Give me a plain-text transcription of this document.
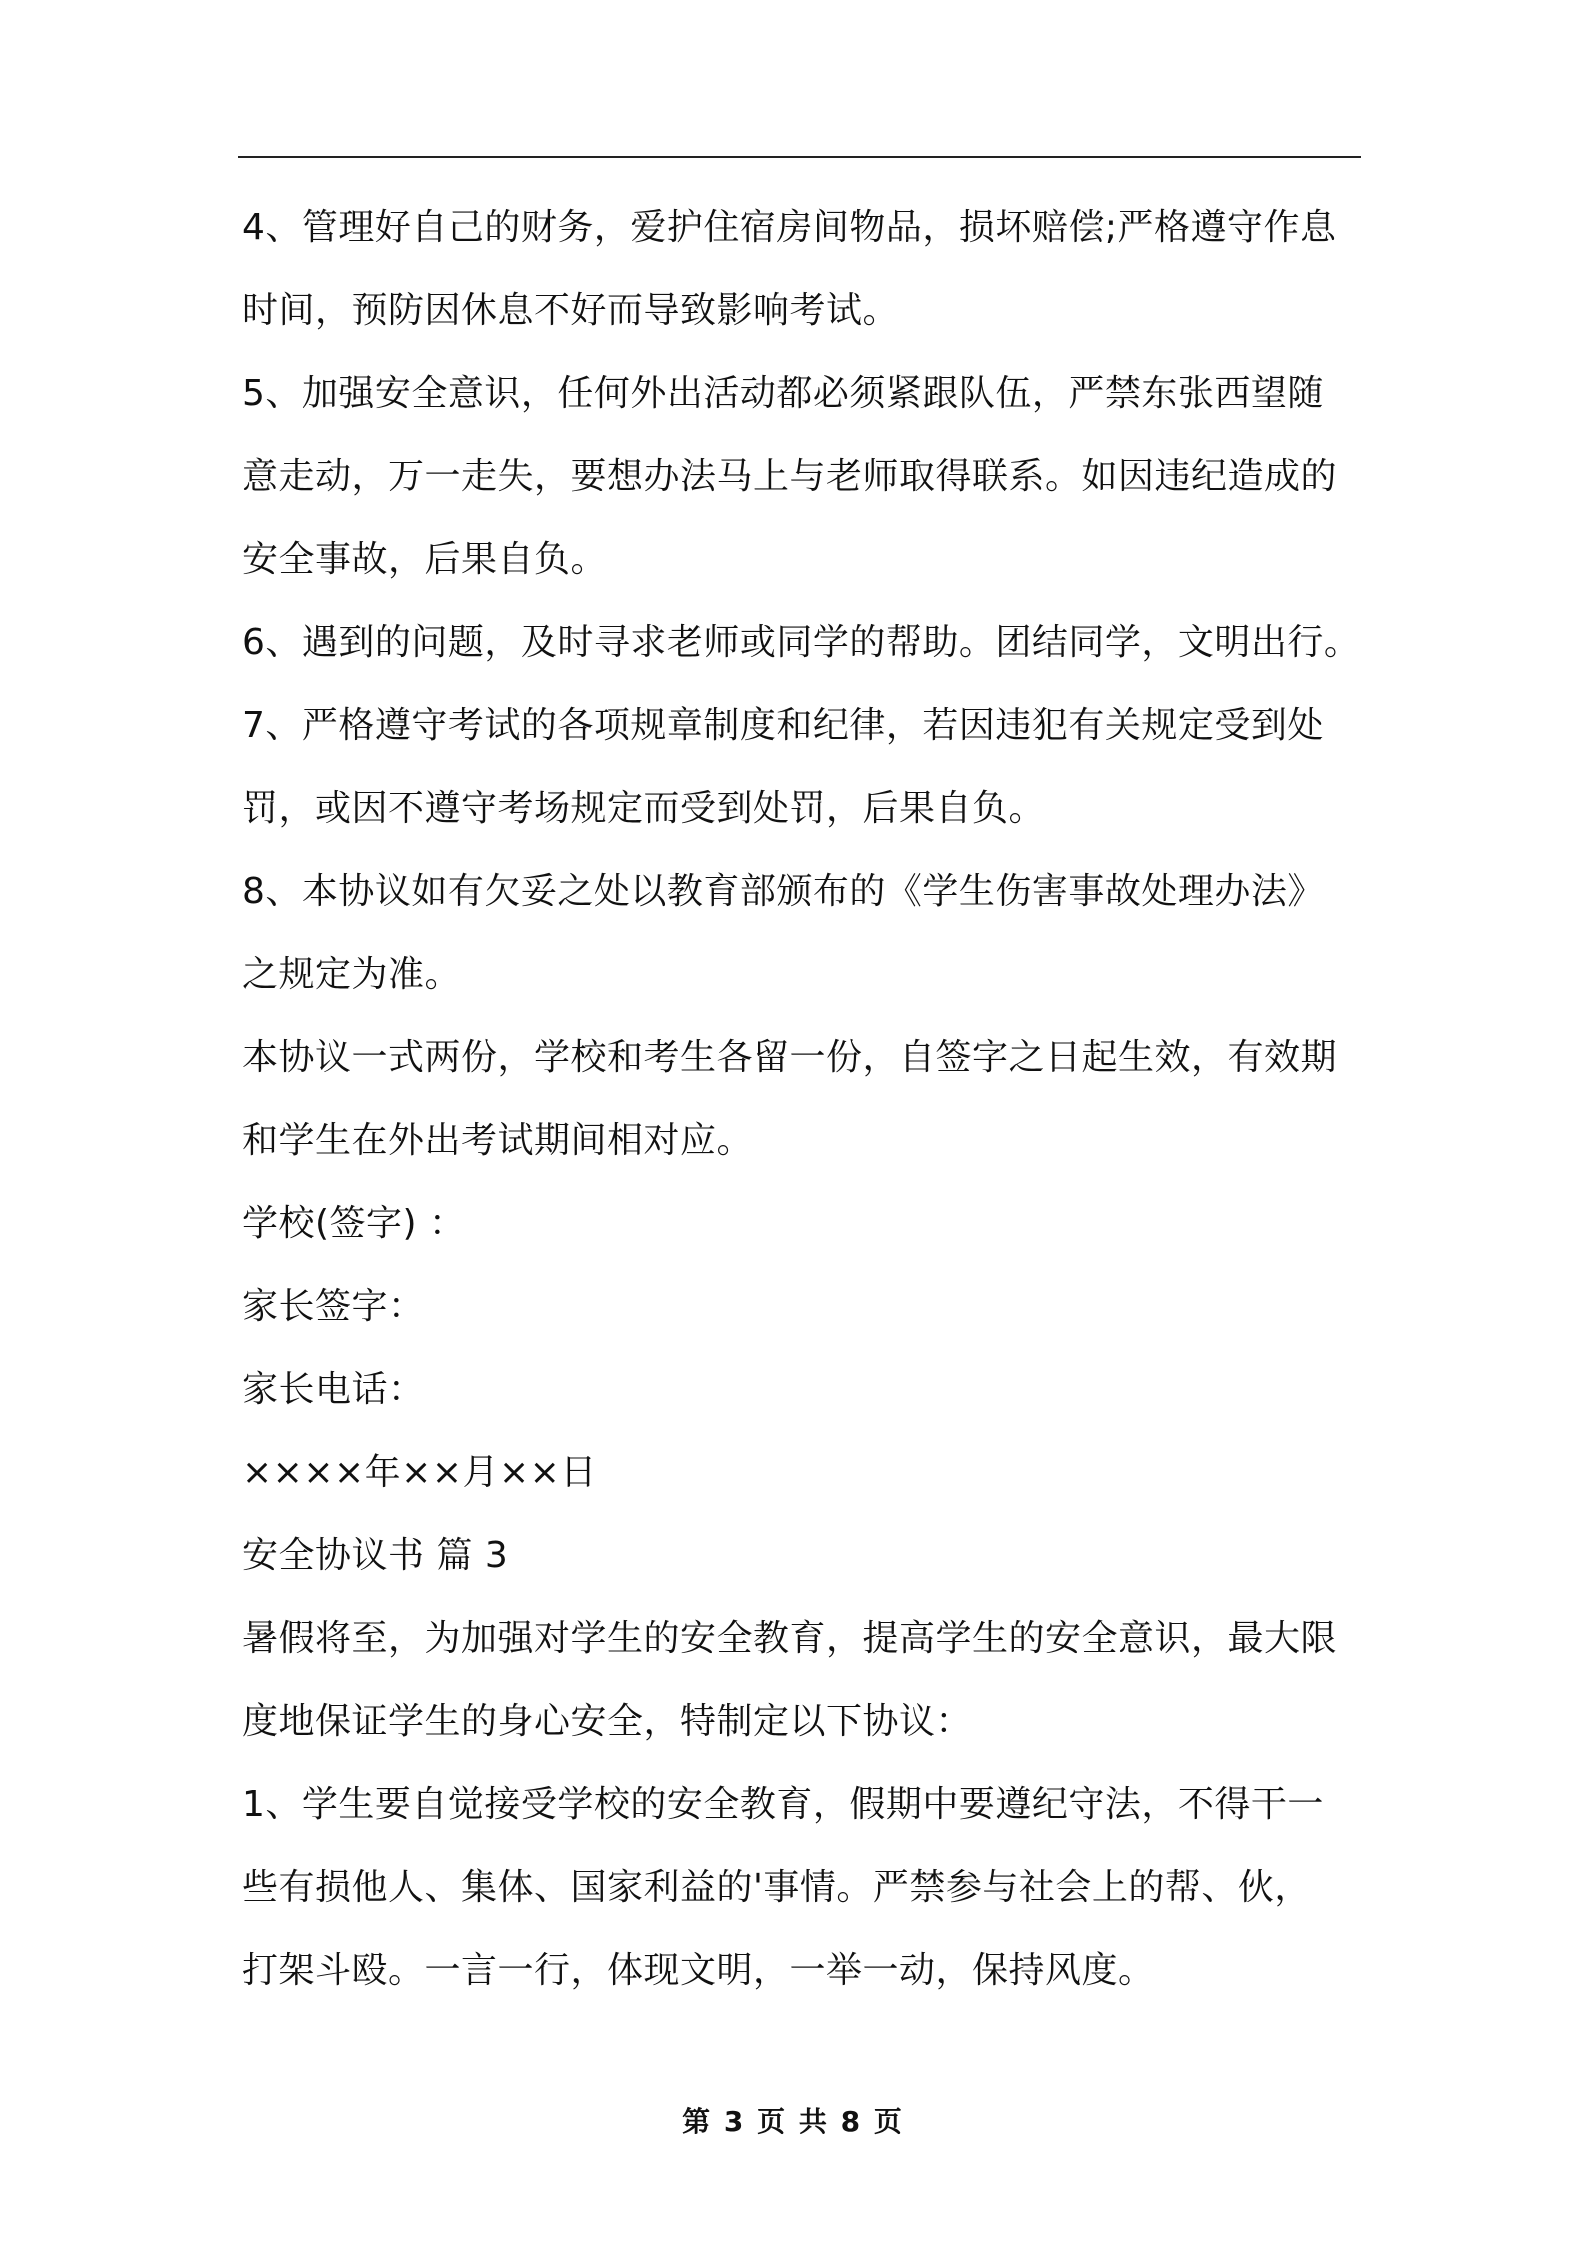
4、管理好自己的财务，爱护住宿房间物品，损坏赔偿;严格遵守作息
时间，预防因休息不好而导致影响考试。
5、加强安全意识，任何外出活动都必须紧跟队伍，严禁东张西望随
意走动，万一走失，要想办法马上与老师取得联系。如因违纪造成的
安全事故，后果自负。
6、遇到的问题，及时寻求老师或同学的帮助。团结同学，文明出行。
7、严格遵守考试的各项规章制度和纪律，若因违犯有关规定受到处
罚，或因不遵守考场规定而受到处罚，后果自负。
8、本协议如有欠妥之处以教育部颁布的《学生伤害事故处理办法》
之规定为准。
本协议一式两份，学校和考生各留一份，自签字之日起生效，有效期
和学生在外出考试期间相对应。
学校(签字) ：
家长签字：
家长电话：
××××年××月××日
安全协议书 篇 3
暑假将至，为加强对学生的安全教育，提高学生的安全意识，最大限
度地保证学生的身心安全，特制定以下协议：
1、学生要自觉接受学校的安全教育，假期中要遵纪守法，不得干一
些有损他人、集体、国家利益的'事情。严禁参与社会上的帮、伙，
打架斗殴。一言一行，体现文明，一举一动，保持风度。
第 3 页 共 8 页
